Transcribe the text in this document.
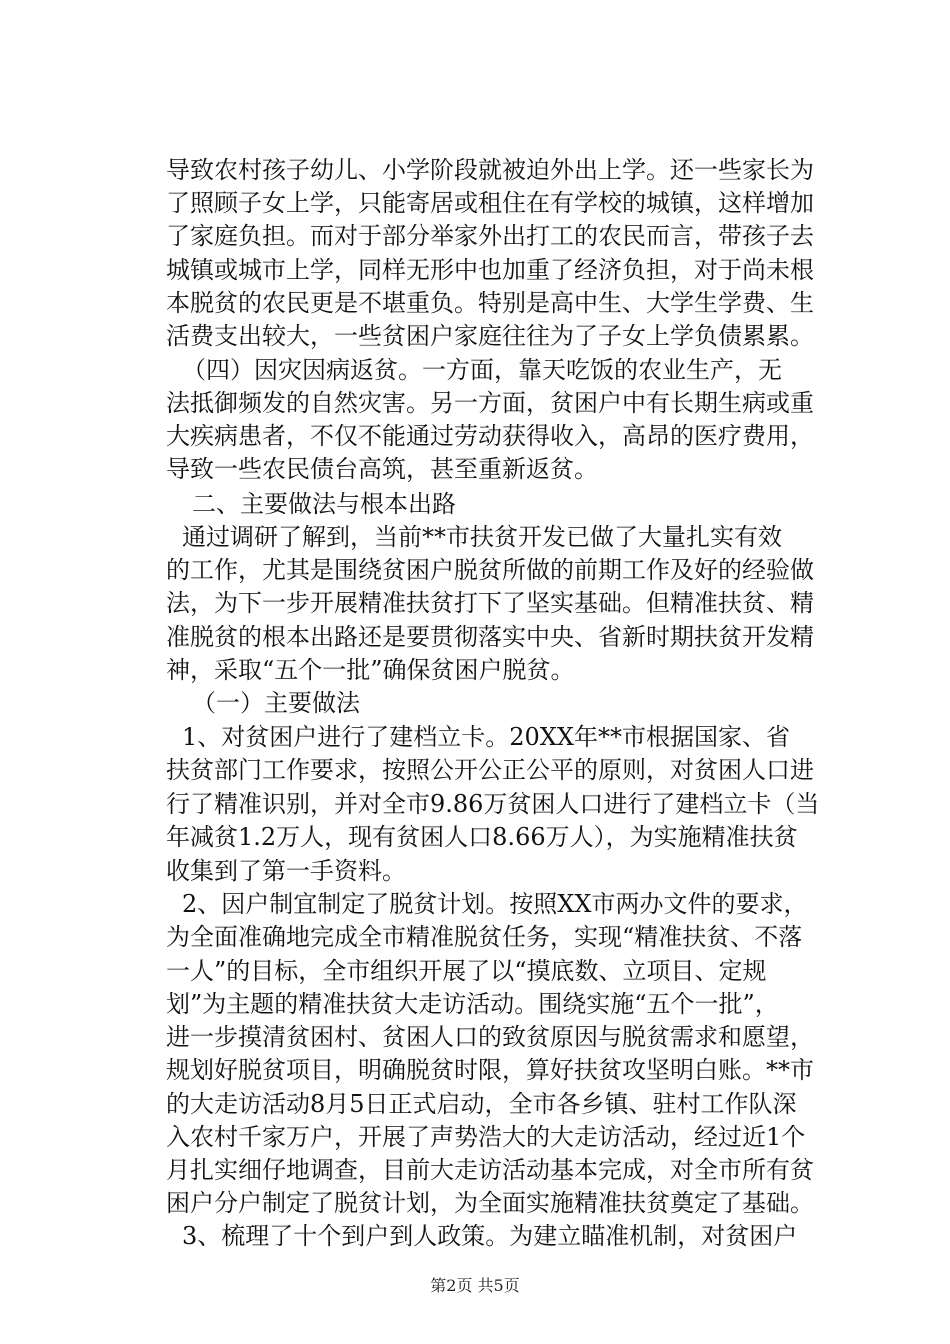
导致农村孩子幼儿、小学阶段就被迫外出上学。还一些家长为
了照顾子女上学，只能寄居或租住在有学校的城镇，这样增加
了家庭负担。而对于部分举家外出打工的农民而言，带孩子去
城镇或城市上学，同样无形中也加重了经济负担，对于尚未根
本脱贫的农民更是不堪重负。特别是高中生、大学生学费、生
活费支出较大，一些贫困户家庭往往为了子女上学负债累累。
（四）因灾因病返贫。一方面，靠天吃饭的农业生产，无
法抵御频发的自然灾害。另一方面，贫困户中有长期生病或重
大疾病患者，不仅不能通过劳动获得收入，高昂的医疗费用，
导致一些农民债台高筑，甚至重新返贫。
二、主要做法与根本出路
通过调研了解到，当前**市扶贫开发已做了大量扎实有效
的工作，尤其是围绕贫困户脱贫所做的前期工作及好的经验做
法，为下一步开展精准扶贫打下了坚实基础。但精准扶贫、精
准脱贫的根本出路还是要贯彻落实中央、省新时期扶贫开发精
神，采取“五个一批”确保贫困户脱贫。
（一）主要做法
1、对贫困户进行了建档立卡。20XX年**市根据国家、省
扶贫部门工作要求，按照公开公正公平的原则，对贫困人口进
行了精准识别，并对全市9.86万贫困人口进行了建档立卡（当
年减贫1.2万人，现有贫困人口8.66万人），为实施精准扶贫
收集到了第一手资料。
2、因户制宜制定了脱贫计划。按照XX市两办文件的要求，
为全面准确地完成全市精准脱贫任务，实现“精准扶贫、不落
一人”的目标，全市组织开展了以“摸底数、立项目、定规
划”为主题的精准扶贫大走访活动。围绕实施“五个一批”，
进一步摸清贫困村、贫困人口的致贫原因与脱贫需求和愿望，
规划好脱贫项目，明确脱贫时限，算好扶贫攻坚明白账。**市
的大走访活动8月5日正式启动，全市各乡镇、驻村工作队深
入农村千家万户，开展了声势浩大的大走访活动，经过近1个
月扎实细仔地调查，目前大走访活动基本完成，对全市所有贫
困户分户制定了脱贫计划，为全面实施精准扶贫奠定了基础。
3、梳理了十个到户到人政策。为建立瞄准机制，对贫困户
第2页 共5页
